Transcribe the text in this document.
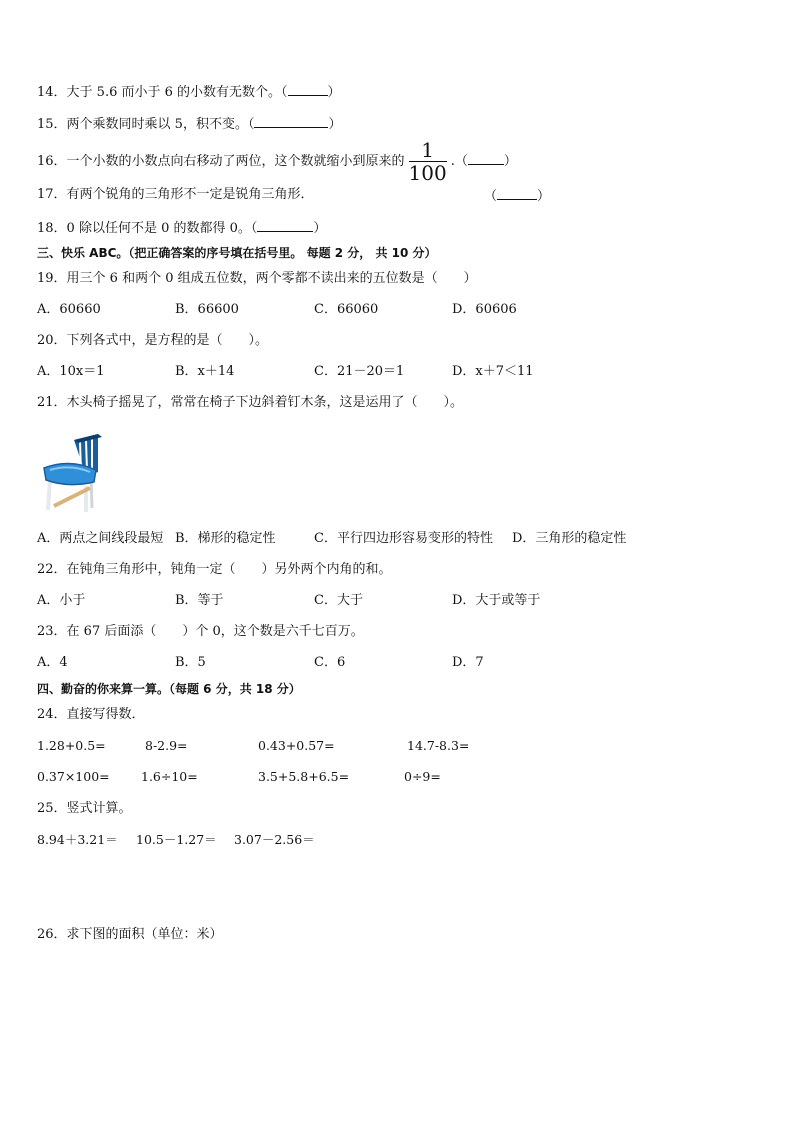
14．大于 5.6 而小于 6 的小数有无数个。（	）
15．两个乘数同时乘以 5，积不变。（	）
16．一个小数的小数点向右移动了两位，这个数就缩小到原来的 $\frac{1}{100}$ .（	）
17．有两个锐角的三角形不一定是锐角三角形．	（	）
18．0 除以任何不是 0 的数都得 0。（	）
三、快乐 ABC。（把正确答案的序号填在括号里。 每题 2 分， 共 10 分）
19．用三个 6 和两个 0 组成五位数，两个零都不读出来的五位数是（　　）
A．60660	B．66600	C．66060	D．60606
20．下列各式中，是方程的是（　　）。
A．10x＝1	B．x＋14	C．21－20＝1	D．x＋7＜11
21．木头椅子摇晃了，常常在椅子下边斜着钉木条，这是运用了（　　）。
A．两点之间线段最短 B．梯形的稳定性	C．平行四边形容易变形的特性 D．三角形的稳定性
22．在钝角三角形中，钝角一定（　　）另外两个内角的和。
A．小于	B．等于	C．大于	D．大于或等于
23．在 67 后面添（　　）个 0，这个数是六千七百万。
A．4	B．5	C．6	D．7
四、勤奋的你来算一算。（每题 6 分，共 18 分）
24．直接写得数．
1.28+0.5=	8-2.9=	0.43+0.57=	14.7-8.3=
0.37×100=	1.6÷10=	3.5+5.8+6.5=	0÷9=
25．竖式计算。
8.94＋3.21＝ 10.5－1.27＝ 3.07－2.56＝
26．求下图的面积（单位：米）
